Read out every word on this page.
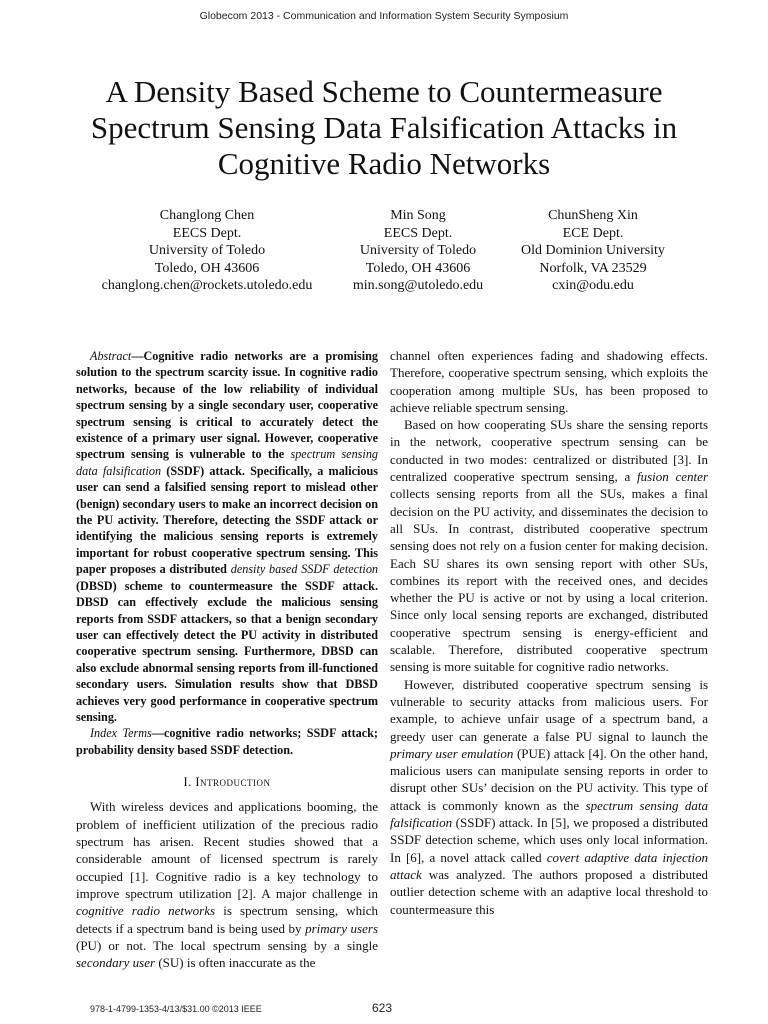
Globecom 2013 - Communication and Information System Security Symposium
A Density Based Scheme to Countermeasure
Spectrum Sensing Data Falsification Attacks in
Cognitive Radio Networks
Changlong Chen
EECS Dept.
University of Toledo
Toledo, OH 43606
changlong.chen@rockets.utoledo.edu
Min Song
EECS Dept.
University of Toledo
Toledo, OH 43606
min.song@utoledo.edu
ChunSheng Xin
ECE Dept.
Old Dominion University
Norfolk, VA 23529
cxin@odu.edu

Abstract—Cognitive radio networks are a promising solution to the spectrum scarcity issue. In cognitive radio networks, because of the low reliability of individual spectrum sensing by a single secondary user, cooperative spectrum sensing is critical to accurately detect the existence of a primary user signal. However, cooperative spectrum sensing is vulnerable to the spectrum sensing data falsification (SSDF) attack. Specifically, a malicious user can send a falsified sensing report to mislead other (benign) secondary users to make an incorrect decision on the PU activity. Therefore, detecting the SSDF attack or identifying the malicious sensing reports is extremely important for robust cooperative spectrum sensing. This paper proposes a distributed density based SSDF detection (DBSD) scheme to countermeasure the SSDF attack. DBSD can effectively exclude the malicious sensing reports from SSDF attackers, so that a benign secondary user can effectively detect the PU activity in distributed cooperative spectrum sensing. Furthermore, DBSD can also exclude abnormal sensing reports from ill-functioned secondary users. Simulation results show that DBSD achieves very good performance in cooperative spectrum sensing.

Index Terms—cognitive radio networks; SSDF attack; probability density based SSDF detection.

I. Introduction

With wireless devices and applications booming, the problem of inefficient utilization of the precious radio spectrum has arisen. Recent studies showed that a considerable amount of licensed spectrum is rarely occupied [1]. Cognitive radio is a key technology to improve spectrum utilization [2]. A major challenge in cognitive radio networks is spectrum sensing, which detects if a spectrum band is being used by primary users (PU) or not. The local spectrum sensing by a single secondary user (SU) is often inaccurate as the

channel often experiences fading and shadowing effects. Therefore, cooperative spectrum sensing, which exploits the cooperation among multiple SUs, has been proposed to achieve reliable spectrum sensing.

Based on how cooperating SUs share the sensing reports in the network, cooperative spectrum sensing can be conducted in two modes: centralized or distributed [3]. In centralized cooperative spectrum sensing, a fusion center collects sensing reports from all the SUs, makes a final decision on the PU activity, and disseminates the decision to all SUs. In contrast, distributed cooperative spectrum sensing does not rely on a fusion center for making decision. Each SU shares its own sensing report with other SUs, combines its report with the received ones, and decides whether the PU is active or not by using a local criterion. Since only local sensing reports are exchanged, distributed cooperative spectrum sensing is energy-efficient and scalable. Therefore, distributed cooperative spectrum sensing is more suitable for cognitive radio networks.

However, distributed cooperative spectrum sensing is vulnerable to security attacks from malicious users. For example, to achieve unfair usage of a spectrum band, a greedy user can generate a false PU signal to launch the primary user emulation (PUE) attack [4]. On the other hand, malicious users can manipulate sensing reports in order to disrupt other SUs’ decision on the PU activity. This type of attack is commonly known as the spectrum sensing data falsification (SSDF) attack. In [5], we proposed a distributed SSDF detection scheme, which uses only local information. In [6], a novel attack called covert adaptive data injection attack was analyzed. The authors proposed a distributed outlier detection scheme with an adaptive local threshold to countermeasure this

978-1-4799-1353-4/13/$31.00 ©2013 IEEE	623
